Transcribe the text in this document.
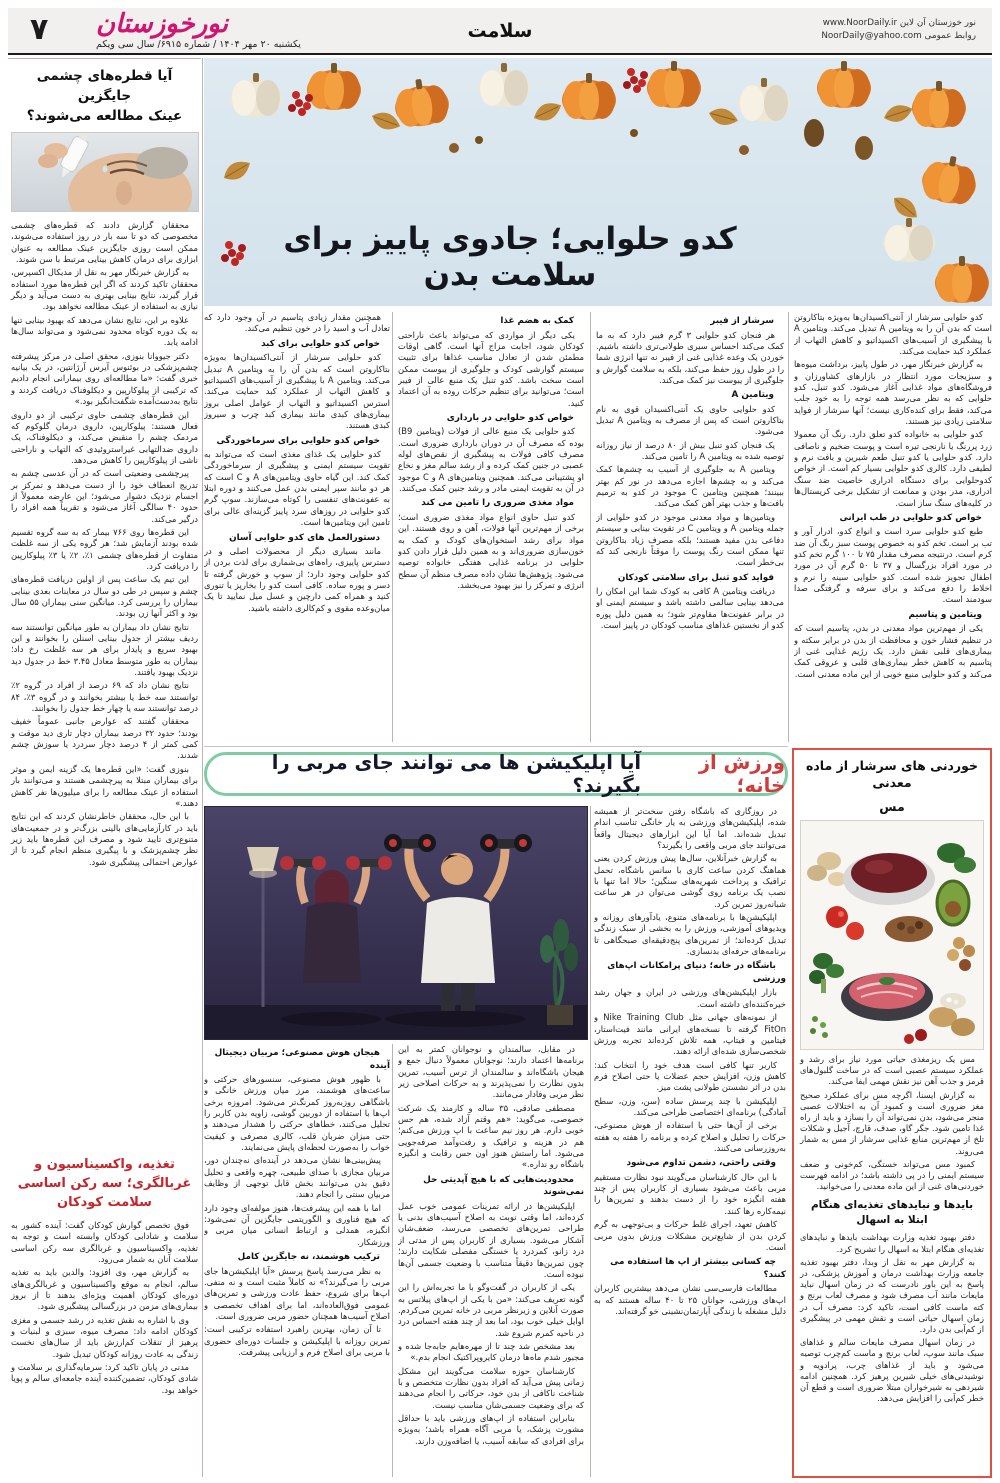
۷ نورخوزستان
یکشنبه ۲۰ مهر ۱۴۰۴ / شماره ۶۹۱۵/ سال سی ویکم
سلامت	نور خوزستان آن لاین www.NoorDaily.ir
روابط عمومی NoorDaily@yahoo.com
آیا قطره‌های چشمی جایگزین
عینک مطالعه می‌شوند؟

محققان گزارش دادند که قطره‌های چشمی مخصوصی که دو تا سه بار در روز استفاده می‌شوند، ممکن است روزی جایگزین عینک مطالعه به عنوان ابزاری برای درمان کاهش بینایی مرتبط با سن شوند.

به گزارش خبرنگار مهر به نقل از مدیکال اکسپرس، محققان تاکید کردند که اگر این قطره‌ها مورد استفاده قرار گیرند، نتایج بینایی بهتری به دست می‌آید و دیگر نیازی به استفاده از عینک مطالعه نخواهد بود.

علاوه بر این، نتایج نشان می‌دهد که بهبود بینایی تنها به یک دوره کوتاه محدود نمی‌شود و می‌تواند سال‌ها ادامه یابد.

دکتر جیووانا بنوزی، محقق اصلی در مرکز پیشرفته چشم‌پزشکی در بوئنوس آیرس آرژانتین، در یک بیانیه خبری گفت: «ما مطالعه‌ای روی بیمارانی انجام دادیم که ترکیبی از پیلوکارپین و دیکلوفناک دریافت کردند و نتایج به‌دست‌آمده شگفت‌انگیز بود.»

این قطره‌های چشمی حاوی ترکیبی از دو داروی فعال هستند: پیلوکارپین، داروی درمان گلوکوم که مردمک چشم را منقبض می‌کند، و دیکلوفناک، یک داروی ضدالتهابی غیراستروئیدی که التهاب و ناراحتی ناشی از پیلوکارپین را کاهش می‌دهد.

پیرچشمی وضعیتی است که در آن عدسی چشم به تدریج انعطاف خود را از دست می‌دهد و تمرکز بر اجسام نزدیک دشوار می‌شود؛ این عارضه معمولاً از حدود ۴۰ سالگی آغاز می‌شود و تقریباً همه افراد را درگیر می‌کند.

این قطره‌ها روی ۷۶۶ بیمار که به سه گروه تقسیم شده بودند آزمایش شد؛ هر گروه یکی از سه غلظت متفاوت از قطره‌های چشمی ۱٪، ۲٪ یا ۳٪ پیلوکارپین را دریافت کرد.

این تیم یک ساعت پس از اولین دریافت قطره‌های چشم و سپس در طی دو سال در معاینات بعدی بینایی بیماران را بررسی کرد. میانگین سنی بیماران ۵۵ سال بود و اکثر آنها زن بودند.

نتایج نشان داد بیماران به طور میانگین توانستند سه ردیف بیشتر از جدول بینایی اسنلن را بخوانند و این بهبود سریع و پایدار برای هر سه غلظت رخ داد؛ بیماران به طور متوسط معادل ۳.۴۵ خط در جدول دید نزدیک بهبود یافتند.

نتایج نشان داد که ۶۹ درصد از افراد در گروه ۲٪ توانستند سه خط یا بیشتر بخوانند و در گروه ۳٪، ۸۴ درصد توانستند سه یا چهار خط جدول را بخوانند.

محققان گفتند که عوارض جانبی عموماً خفیف بودند؛ حدود ۳۲ درصد بیماران دچار تاری دید موقت و کمی کمتر از ۴ درصد دچار سردرد یا سوزش چشم شدند.

بنوزی گفت: «این قطره‌ها یک گزینه ایمن و موثر برای بیماران مبتلا به پیرچشمی هستند و می‌توانند بار استفاده از عینک مطالعه را برای میلیون‌ها نفر کاهش دهند.»

با این حال، محققان خاطرنشان کردند که این نتایج باید در کارآزمایی‌های بالینی بزرگ‌تر و در جمعیت‌های متنوع‌تری تایید شود و مصرف این قطره‌ها باید زیر نظر چشم‌پزشک و با پیگیری منظم انجام گیرد تا از عوارض احتمالی پیشگیری شود.

تغذیه، واکسیناسیون و
غربالگری؛ سه رکن اساسی
سلامت کودکان

فوق تخصص گوارش کودکان گفت: آینده کشور به سلامت و شادابی کودکان وابسته است و توجه به تغذیه، واکسیناسیون و غربالگری سه رکن اساسی سلامت آنان به شمار می‌رود.

به گزارش مهر، وی افزود: والدین باید به تغذیه سالم، انجام به موقع واکسیناسیون و غربالگری‌های دوره‌ای کودکان اهمیت ویژه‌ای بدهند تا از بروز بیماری‌های مزمن در بزرگسالی پیشگیری شود.

وی با اشاره به نقش تغذیه در رشد جسمی و مغزی کودکان ادامه داد: مصرف میوه، سبزی و لبنیات و پرهیز از تنقلات کم‌ارزش باید از سال‌های نخست زندگی به عادت روزانه کودکان تبدیل شود.

مدنی در پایان تاکید کرد: سرمایه‌گذاری بر سلامت و شادی کودکان، تضمین‌کننده آینده جامعه‌ای سالم و پویا خواهد بود.

کدو حلوایی؛ جادوی پاییز برای سلامت بدن

کدو حلوایی سرشار از آنتی‌اکسیدان‌ها به‌ویژه بتاکاروتن است که بدن آن را به ویتامین A تبدیل می‌کند. ویتامین A با پیشگیری از آسیب‌های اکسیداتیو و کاهش التهاب از عملکرد کبد حمایت می‌کند.

به گزارش خبرنگار مهر، در طول پاییز، برداشت میوه‌ها و سبزیجات مورد انتظار در بازارهای کشاورزان و فروشگاه‌های مواد غذایی آغاز می‌شود. کدو تنبل، کدو حلوایی که به نظر می‌رسد همه توجه را به خود جلب می‌کند، فقط برای کنده‌کاری نیست؛ آنها سرشار از فواید سلامتی زیادی نیز هستند.

کدو حلوایی به خانواده کدو تعلق دارد. رنگ آن معمولا زرد پررنگ یا نارنجی تیره است و پوست ضخیم و ناصافی دارد. کدو حلوایی یا کدو تنبل طعم شیرین و بافت نرم و لطیفی دارد. کالری کدو حلوایی بسیار کم است. از خواص کدوحلوایی برای دستگاه ادراری خاصیت ضد سنگ ادراری، مدر بودن و ممانعت از تشکیل برخی کریستال‌ها در کلیه‌های سنگ ساز است.

خواص کدو حلوایی در طب ایرانی

طبع کدو حلوایی سرد است و انواع کدو، ادرار آور و تب بر است. تخم کدو به خصوص پوست سبز رنگ آن ضد کرم است. درنتیجه مصرف مقدار ۷۵ تا ۱۰۰ گرم تخم کدو در مورد افراد بزرگسال و ۳۷ تا ۵۰ گرم آن در مورد اطفال تجویز شده است. کدو حلوایی سینه را نرم و اخلاط را دفع می‌کند و برای سرفه و گرفتگی صدا سودمند است.

ویتامین و پتاسیم

یکی از مهم‌ترین مواد معدنی در بدن، پتاسیم است که در تنظیم فشار خون و محافظت از بدن در برابر سکته و بیماری‌های قلبی نقش دارد. یک رژیم غذایی غنی از پتاسیم به کاهش خطر بیماری‌های قلبی و عروقی کمک می‌کند و کدو حلوایی منبع خوبی از این ماده معدنی است.

سرشار از فیبر

هر فنجان کدو حلوایی ۳ گرم فیبر دارد که به ما کمک می‌کند احساس سیری طولانی‌تری داشته باشیم. خوردن یک وعده غذایی غنی از فیبر نه تنها انرژی شما را در طول روز حفظ می‌کند، بلکه به سلامت گوارش و جلوگیری از یبوست نیز کمک می‌کند.

ویتامین A

کدو حلوایی حاوی یک آنتی‌اکسیدان قوی به نام بتاکاروتن است که پس از مصرف به ویتامین A تبدیل می‌شود.

یک فنجان کدو تنبل بیش از ۸۰ درصد از نیاز روزانه توصیه شده به ویتامین A را تامین می‌کند.

ویتامین A به جلوگیری از آسیب به چشم‌ها کمک می‌کند و به چشم‌ها اجازه می‌دهد در نور کم بهتر ببینند؛ همچنین ویتامین C موجود در کدو به ترمیم بافت‌ها و جذب بهتر آهن کمک می‌کند.

ویتامین‌ها و مواد معدنی موجود در کدو حلوایی از جمله ویتامین A و ویتامین C در تقویت بینایی و سیستم دفاعی بدن مفید هستند؛ بلکه مصرف زیاد بتاکاروتن تنها ممکن است رنگ پوست را موقتاً نارنجی کند که بی‌خطر است.

فواید کدو تنبل برای سلامتی کودکان

دریافت ویتامین A کافی به کودک شما این امکان را می‌دهد بینایی سالمی داشته باشد و سیستم ایمنی او در برابر عفونت‌ها مقاوم‌تر شود؛ به همین دلیل پوره کدو از نخستین غذاهای مناسب کودکان در پاییز است.

کمک به هضم غذا

یکی دیگر از مواردی که می‌تواند باعث ناراحتی کودکان شود، اجابت مزاج آنها است. گاهی اوقات مطمئن شدن از تعادل مناسب غذاها برای تثبیت سیستم گوارشی کودک و جلوگیری از یبوست ممکن است سخت باشد. کدو تنبل یک منبع عالی از فیبر است؛ می‌توانید برای تنظیم حرکات روده به آن اعتماد کنید.

خواص کدو حلوایی در بارداری

کدو حلوایی یک منبع عالی از فولات (ویتامین B9) بوده که مصرف آن در دوران بارداری ضروری است. مصرف کافی فولات به پیشگیری از نقص‌های لوله عصبی در جنین کمک کرده و از رشد سالم مغز و نخاع او پشتیبانی می‌کند. همچنین ویتامین‌های A و C موجود در آن به تقویت ایمنی مادر و رشد جنین کمک می‌کنند.

مواد مغذی ضروری را تامین می کند

کدو تنبل حاوی انواع مواد مغذی ضروری است؛ برخی از مهم‌ترین آنها فولات، آهن و روی هستند. این مواد برای رشد استخوان‌های کودک و کمک به خون‌سازی ضروری‌اند و به همین دلیل قرار دادن کدو حلوایی در برنامه غذایی هفتگی خانواده توصیه می‌شود. پژوهش‌ها نشان داده مصرف منظم آن سطح انرژی و تمرکز را نیز بهبود می‌بخشد.

همچنین مقدار زیادی پتاسیم در آن وجود دارد که تعادل آب و اسید را در خون تنظیم می‌کند.

خواص کدو حلوایی برای کبد

کدو حلوایی سرشار از آنتی‌اکسیدان‌ها به‌ویژه بتاکاروتن است که بدن آن را به ویتامین A تبدیل می‌کند. ویتامین A با پیشگیری از آسیب‌های اکسیداتیو و کاهش التهاب از عملکرد کبد حمایت می‌کند. استرس اکسیداتیو و التهاب از عوامل اصلی بروز بیماری‌های کبدی مانند بیماری کبد چرب و سیروز کبدی هستند.

خواص کدو حلوایی برای سرماخوردگی

کدو حلوایی یک غذای مغذی است که می‌تواند به تقویت سیستم ایمنی و پیشگیری از سرماخوردگی کمک کند. این گیاه حاوی ویتامین‌های A و C است که هر دو مانند سپر ایمنی بدن عمل می‌کنند و دوره ابتلا به عفونت‌های تنفسی را کوتاه می‌سازند. سوپ گرم کدو حلوایی در روزهای سرد پاییز گزینه‌ای عالی برای تامین این ویتامین‌ها است.

دستورالعمل های کدو حلوایی آسان

مانند بسیاری دیگر از محصولات اصلی و در دسترس پاییزی، راه‌های بی‌شماری برای لذت بردن از کدو حلوایی وجود دارد؛ از سوپ و خورش گرفته تا دسر و پوره ساده. کافی است کدو را بخارپز یا تنوری کنید و همراه کمی دارچین و عسل میل نمایید تا یک میان‌وعده مقوی و کم‌کالری داشته باشید.

ورزش از خانه؛
آیا اپلیکیشن ها می توانند جای مربی را بگیرند؟

در روزگاری که باشگاه رفتن سخت‌تر از همیشه شده، اپلیکیشن‌های ورزشی به یار خانگی تناسب اندام تبدیل شده‌اند. اما آیا این ابزارهای دیجیتال واقعاً می‌توانند جای مربی واقعی را بگیرند؟

به گزارش خبرآنلاین، سال‌ها پیش ورزش کردن یعنی هماهنگ کردن ساعت کاری با سانس باشگاه، تحمل ترافیک و پرداخت شهریه‌های سنگین؛ حالا اما تنها با نصب یک برنامه روی گوشی می‌توان در هر ساعت شبانه‌روز تمرین کرد.

اپلیکیشن‌ها با برنامه‌های متنوع، یادآورهای روزانه و ویدیوهای آموزشی، ورزش را به بخشی از سبک زندگی تبدیل کرده‌اند؛ از تمرین‌های پنج‌دقیقه‌ای صبحگاهی تا برنامه‌های حرفه‌ای بدنسازی.

باشگاه در خانه؛ دنیای پرامکانات اپ‌های ورزشی

بازار اپلیکیشن‌های ورزشی در ایران و جهان رشد خیره‌کننده‌ای داشته است.

از نمونه‌های جهانی مثل Nike Training Club و FitOn گرفته تا نسخه‌های ایرانی مانند فیت‌استار، فیتامین و فیتاپ، همه تلاش کرده‌اند تجربه ورزش شخصی‌سازی شده‌ای ارائه دهند.

کاربر تنها کافی است هدف خود را انتخاب کند: کاهش وزن، افزایش حجم عضلات یا حتی اصلاح فرم بدن در اثر نشستن طولانی پشت میز.

اپلیکیشن با چند پرسش ساده (سن، وزن، سطح آمادگی) برنامه‌ای اختصاصی طراحی می‌کند.

برخی از آن‌ها حتی با استفاده از هوش مصنوعی، حرکات را تحلیل و اصلاح کرده و برنامه را هفته به هفته به‌روزرسانی می‌کنند.

وقتی راحتی، دشمن تداوم می‌شود

با این حال کارشناسان می‌گویند نبود نظارت مستقیم مربی باعث می‌شود بسیاری از کاربران پس از چند هفته انگیزه خود را از دست بدهند و تمرین‌ها را نیمه‌کاره رها کنند.

کاهش تعهد، اجرای غلط حرکات و بی‌توجهی به گرم کردن بدن از شایع‌ترین مشکلات ورزش بدون مربی است.

چه کسانی بیشتر از اپ ها استفاده می کنند؟

مطالعات فارسی‌سی نشان می‌دهد بیشترین کاربران اپ‌های ورزشی، جوانان ۲۵ تا ۴۰ ساله هستند که به دلیل مشغله با زندگی آپارتمان‌نشینی خو گرفته‌اند.

در مقابل، سالمندان و نوجوانان کمتر به این برنامه‌ها اعتماد دارند؛ نوجوانان معمولاً دنبال جمع و هیجان باشگاه‌اند و سالمندان از ترس آسیب‌، تمرین بدون نظارت را نمی‌پذیرند و به حرکات اصلاحی زیر نظر مربی وفادار می‌مانند.

مصطفی صادقی، ۳۵ ساله و کارمند یک شرکت خصوصی، می‌گوید: «هم وقتم آزاد شده، هم حس خوبی دارم. هر روز نیم ساعت با اپ ورزش می‌کنم؛ هم در هزینه و ترافیک و رفت‌وآمد صرفه‌جویی می‌شود. اما راستش هنوز اون حس رقابت و انگیزه باشگاه رو نداره.»

محدودیت‌هایی که با هیچ آپدیتی حل نمی‌شوند

اپلیکیشن‌ها در ارائه تمرینات عمومی خوب عمل کرده‌اند، اما وقتی نوبت به اصلاح آسیب‌های بدنی یا طراحی تمرین‌های تخصصی می‌رسد، ضعف‌شان آشکار می‌شود. بسیاری از کاربران پس از مدتی از درد زانو، کمردرد یا خستگی مفصلی شکایت دارند؛ چون تمرین‌ها دقیقاً متناسب با وضعیت جسمی آن‌ها نبوده است.

یکی از کاربران در گفت‌وگو با ما تجربه‌اش را این گونه تعریف می‌کند: «من با یکی از اپ‌های پیلاتس به صورت آنلاین و زیرنظر مربی در خانه تمرین می‌کردم. اوایل خیلی خوب بود، اما بعد از چند هفته احساس درد در ناحیه کمرم شروع شد.

بعد مشخص شد چند تا از مهره‌هایم جابه‌جا شده و مجبور شدم ماه‌ها درمان کایروپراکتیک انجام بدم.»

کارشناسان حوزه سلامت می‌گویند این مشکل زمانی پیش می‌آید که افراد بدون نظارت متخصص و با شناخت ناکافی از بدن خود، حرکاتی را انجام می‌دهند که برای وضعیت جسمی‌شان مناسب نیست.

بنابراین استفاده از اپ‌های ورزشی باید با حداقل مشورت پزشک، یا مربی آگاه همراه باشد؛ به‌ویژه برای افرادی که سابقه آسیب، یا اضافه‌وزن دارند.

هیجان هوش مصنوعی؛ مربیان دیجیتال آینده

با ظهور هوش مصنوعی، سنسورهای حرکتی و ساعت‌های هوشمند، مرز میان ورزش خانگی و باشگاهی روزبه‌روز کمرنگ‌تر می‌شود. امروزه برخی اپ‌ها با استفاده از دوربین گوشی، زاویه بدن کاربر را تحلیل می‌کنند، خطاهای حرکتی را هشدار می‌دهند و حتی میزان ضربان قلب، کالری مصرفی و کیفیت خواب را به‌صورت لحظه‌ای پایش می‌نمایند.

پیش‌بینی‌ها نشان می‌دهد در آینده‌ای نه‌چندان دور، مربیان مجازی با صدای طبیعی، چهره واقعی و تحلیل دقیق بدن می‌توانند بخش قابل توجهی از وظایف مربیان سنتی را انجام دهند.

اما با همه این پیشرفت‌ها، هنوز مولفه‌ای وجود دارد که هیچ فناوری و الگوریتمی جایگزین آن نمی‌شود: انگیزه، همدلی و ارتباط انسانی میان مربی و ورزشکار.

ترکیب هوشمند، نه جایگزین کامل

به نظر می‌رسد پاسخ پرسش «آیا اپلیکیشن‌ها جای مربی را می‌گیرند؟» نه کاملاً مثبت است و نه منفی. اپ‌ها برای شروع، حفظ عادت ورزشی و تمرین‌های عمومی فوق‌العاده‌اند، اما برای اهداف تخصصی و اصلاح آسیب‌ها همچنان حضور مربی ضروری است.

تا آن زمان، بهترین راهبرد استفاده ترکیبی است: تمرین روزانه با اپلیکیشن و جلسات دوره‌ای حضوری با مربی برای اصلاح فرم و ارزیابی پیشرفت.

خوردنی های سرشار از ماده معدنی
مس

مس یک ریزمغذی حیاتی مورد نیاز برای رشد و عملکرد سیستم عصبی است که در ساخت گلبول‌های قرمز و جذب آهن نیز نقش مهمی ایفا می‌کند.

به گزارش ایسنا، اگرچه مس برای عملکرد صحیح مغز ضروری است و کمبود آن به اختلالات عصبی منجر می‌شود، بدن نمی‌تواند آن را بسازد و باید از راه غذا تامین شود. جگر گاو، صدف، قارچ، آجیل و شکلات تلخ از مهم‌ترین منابع غذایی سرشار از مس به شمار می‌روند.

کمبود مس می‌تواند خستگی، کم‌خونی و ضعف سیستم ایمنی را در پی داشته باشد؛ در ادامه فهرست خوردنی‌های غنی از این ماده معدنی را می‌خوانید.

بایدها و نبایدهای تغذیه‌ای هنگام ابتلا به اسهال

دفتر بهبود تغذیه وزارت بهداشت بایدها و نبایدهای تغذیه‌ای هنگام ابتلا به اسهال را تشریح کرد.

به گزارش مهر به نقل از وبدا، دفتر بهبود تغذیه جامعه وزارت بهداشت درمان و آموزش پزشکی، در پاسخ به این باور نادرست که در زمان اسهال نباید مایعات مانند آب مصرف شود و مصرف لعاب برنج و کته ماست کافی است، تاکید کرد: مصرف آب در زمان اسهال حیاتی است و نقش مهمی در پیشگیری از کم‌آبی بدن دارد.

در زمان اسهال مصرف مایعات سالم و غذاهای سبک مانند سوپ، لعاب برنج و ماست کم‌چرب توصیه می‌شود و باید از غذاهای چرب، پرادویه و نوشیدنی‌های خیلی شیرین پرهیز کرد. همچنین ادامه شیردهی به شیرخواران مبتلا ضروری است و قطع آن خطر کم‌آبی را افزایش می‌دهد.
